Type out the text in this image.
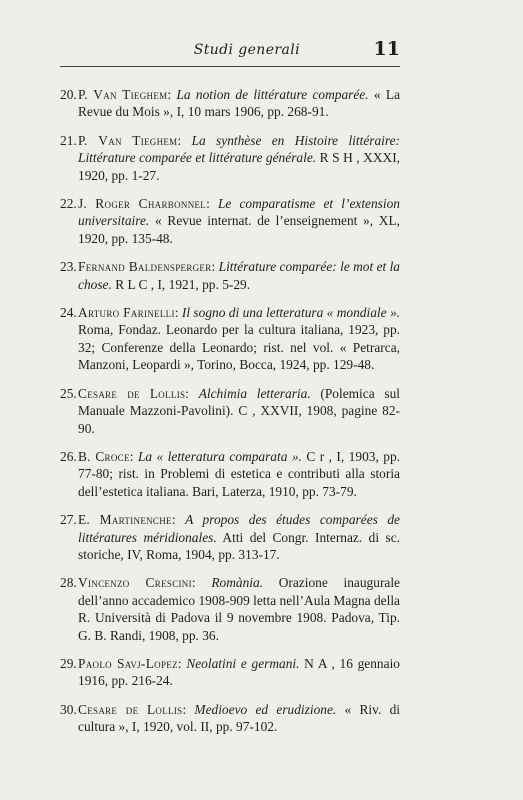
Studi generali	11
20.P. Van Tieghem: La notion de littérature comparée. « La Revue du Mois », I, 10 mars 1906, pp. 268-91.
21.P. Van Tieghem: La synthèse en Histoire littéraire: Littérature comparée et littérature générale. R S H , XXXI, 1920, pp. 1-27.
22.J. Roger Charbonnel: Le comparatisme et l’extension universitaire. « Revue internat. de l’enseignement », XL, 1920, pp. 135-48.
23.Fernand Baldensperger: Littérature comparée: le mot et la chose. R L C , I, 1921, pp. 5-29.
24.Arturo Farinelli: Il sogno di una letteratura « mondiale ». Roma, Fondaz. Leonardo per la cultura italiana, 1923, pp. 32; Conferenze della Leonardo; rist. nel vol. « Petrarca, Manzoni, Leopardi », Torino, Bocca, 1924, pp. 129-48.
25.Cesare de Lollis: Alchimia letteraria. (Polemica sul Manuale Mazzoni-Pavolini). C , XXVII, 1908, pagine 82-90.
26.B. Croce: La « letteratura comparata ». C r , I, 1903, pp. 77-80; rist. in Problemi di estetica e contributi alla storia dell’estetica italiana. Bari, Laterza, 1910, pp. 73-79.
27.E. Martinenche: A propos des études comparées de littératures méridionales. Atti del Congr. Internaz. di sc. storiche, IV, Roma, 1904, pp. 313-17.
28.Vincenzo Crescini: Romània. Orazione inaugurale dell’anno accademico 1908-909 letta nell’Aula Magna della R. Università di Padova il 9 novembre 1908. Padova, Tip. G. B. Randi, 1908, pp. 36.
29.Paolo Savj-Lopez: Neolatini e germani. N A , 16 gennaio 1916, pp. 216-24.
30.Cesare de Lollis: Medioevo ed erudizione. « Riv. di cultura », I, 1920, vol. II, pp. 97-102.
